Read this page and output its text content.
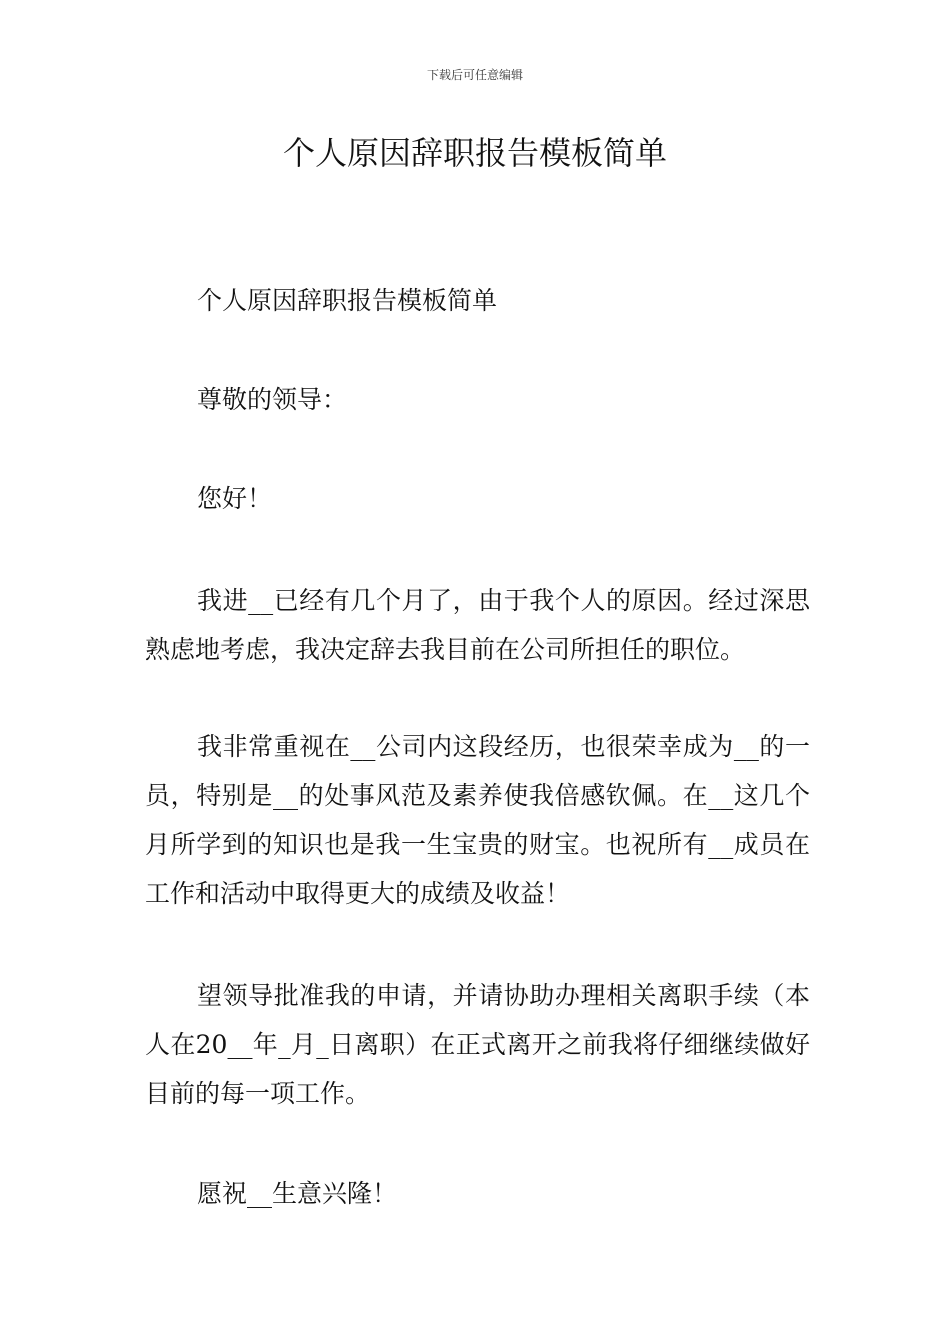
下载后可任意编辑
个人原因辞职报告模板简单

个人原因辞职报告模板简单

尊敬的领导：

您好！

我进__已经有几个月了，由于我个人的原因。经过深思熟虑地考虑，我决定辞去我目前在公司所担任的职位。

我非常重视在__公司内这段经历，也很荣幸成为__的一员，特别是__的处事风范及素养使我倍感钦佩。在__这几个月所学到的知识也是我一生宝贵的财宝。也祝所有__成员在工作和活动中取得更大的成绩及收益！

望领导批准我的申请，并请协助办理相关离职手续（本人在20__年_月_日离职）在正式离开之前我将仔细继续做好目前的每一项工作。

愿祝__生意兴隆！
